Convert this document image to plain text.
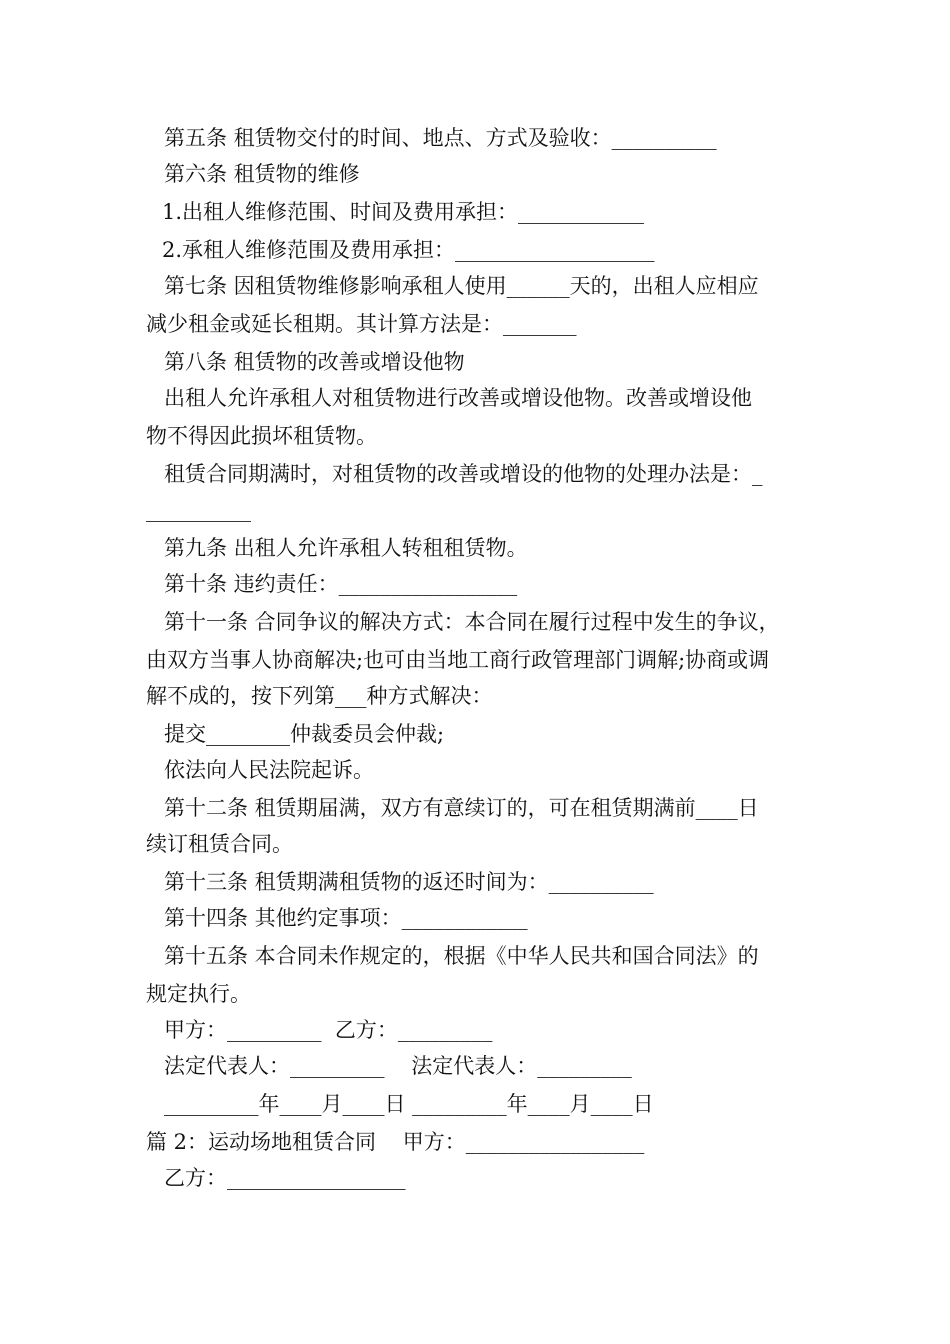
第五条 租赁物交付的时间、地点、方式及验收：__________
第六条 租赁物的维修
1.出租人维修范围、时间及费用承担：____________
2.承租人维修范围及费用承担：___________________
第七条 因租赁物维修影响承租人使用______天的，出租人应相应
减少租金或延长租期。其计算方法是：_______
第八条 租赁物的改善或增设他物
出租人允许承租人对租赁物进行改善或增设他物。改善或增设他
物不得因此损坏租赁物。
租赁合同期满时，对租赁物的改善或增设的他物的处理办法是：_
__________
第九条 出租人允许承租人转租租赁物。
第十条 违约责任：_________________
第十一条 合同争议的解决方式：本合同在履行过程中发生的争议，
由双方当事人协商解决;也可由当地工商行政管理部门调解;协商或调
解不成的，按下列第___种方式解决：
提交________仲裁委员会仲裁;
依法向人民法院起诉。
第十二条 租赁期届满，双方有意续订的，可在租赁期满前____日
续订租赁合同。
第十三条 租赁期满租赁物的返还时间为：__________
第十四条 其他约定事项：____________
第十五条 本合同未作规定的，根据《中华人民共和国合同法》的
规定执行。
甲方：_________  乙方：_________
法定代表人：_________    法定代表人：_________
_________年____月____日 _________年____月____日
篇 2：运动场地租赁合同    甲方：_________________
乙方：_________________
